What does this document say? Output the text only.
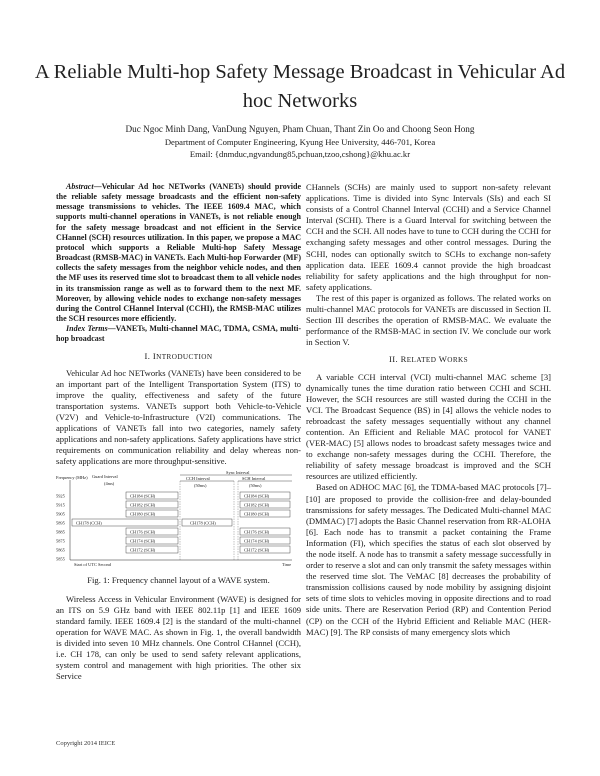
A Reliable Multi-hop Safety Message Broadcast in Vehicular Ad hoc Networks
Duc Ngoc Minh Dang, VanDung Nguyen, Pham Chuan, Thant Zin Oo and Choong Seon Hong
Department of Computer Engineering, Kyung Hee University, 446-701, Korea
Email: {dnmduc,ngvandung85,pchuan,tzoo,cshong}@khu.ac.kr

Abstract—Vehicular Ad hoc NETworks (VANETs) should provide the reliable safety message broadcasts and the efficient non-safety message transmissions to vehicles. The IEEE 1609.4 MAC, which supports multi-channel operations in VANETs, is not reliable enough for the safety message broadcast and not efficient in the Service CHannel (SCH) resources utilization. In this paper, we propose a MAC protocol which supports a Reliable Multi-hop Safety Message Broadcast (RMSB-MAC) in VANETs. Each Multi-hop Forwarder (MF) collects the safety messages from the neighbor vehicle nodes, and then the MF uses its reserved time slot to broadcast them to all vehicle nodes in its transmission range as well as to forward them to the next MF. Moreover, by allowing vehicle nodes to exchange non-safety messages during the Control CHannel Interval (CCHI), the RMSB-MAC utilizes the SCH resources more efficiently.

Index Terms—VANETs, Multi-channel MAC, TDMA, CSMA, multi-hop broadcast

I. INTRODUCTION

Vehicular Ad hoc NETworks (VANETs) have been considered to be an important part of the Intelligent Transportation System (ITS) to improve the quality, effectiveness and safety of the future transportation systems. VANETs support both Vehicle-to-Vehicle (V2V) and Vehicle-to-Infrastructure (V2I) communications. The applications of VANETs fall into two categories, namely safety applications and non-safety applications. Safety applications have strict requirements on communication reliability and delay whereas non-safety applications are more throughput-sensitive.

Frequency (MHz)
5925
5915
5905
5895
5885
5875
5865
5855
Sync Interval
Guard Interval
(4ms)
CCH Interval
(50ms)
SCH Interval
(50ms)
CH184 (SCH)
CH182 (SCH)
CH180 (SCH)
CH178 (CCH)
CH176 (SCH)
CH174 (SCH)
CH172 (SCH)
CH178 (CCH)
CH184 (SCH)
CH182 (SCH)
CH180 (SCH)
CH176 (SCH)
CH174 (SCH)
CH172 (SCH)
Start of UTC Second	Time
Fig. 1: Frequency channel layout of a WAVE system.

Wireless Access in Vehicular Environment (WAVE) is designed for an ITS on 5.9 GHz band with IEEE 802.11p [1] and IEEE 1609 standard family. IEEE 1609.4 [2] is the standard of the multi-channel operation for WAVE MAC. As shown in Fig. 1, the overall bandwidth is divided into seven 10 MHz channels. One Control CHannel (CCH), i.e. CH 178, can only be used to send safety relevant applications, system control and management with high priorities. The other six Service

CHannels (SCHs) are mainly used to support non-safety relevant applications. Time is divided into Sync Intervals (SIs) and each SI consists of a Control Channel Interval (CCHI) and a Service Channel Interval (SCHI). There is a Guard Interval for switching between the CCH and the SCH. All nodes have to tune to CCH during the CCHI for exchanging safety messages and other control messages. During the SCHI, nodes can optionally switch to SCHs to exchange non-safety application data. IEEE 1609.4 cannot provide the high broadcast reliability for safety applications and the high throughput for non-safety applications.

The rest of this paper is organized as follows. The related works on multi-channel MAC protocols for VANETs are discussed in Section II. Section III describes the operation of RMSB-MAC. We evaluate the performance of the RMSB-MAC in section IV. We conclude our work in Section V.

II. RELATED WORKS

A variable CCH interval (VCI) multi-channel MAC scheme [3] dynamically tunes the time duration ratio between CCHI and SCHI. However, the SCH resources are still wasted during the CCHI in the VCI. The Broadcast Sequence (BS) in [4] allows the vehicle nodes to rebroadcast the safety messages sequentially without any channel contention. An Efficient and Reliable MAC protocol for VANET (VER-MAC) [5] allows nodes to broadcast safety messages twice and to exchange non-safety messages during the CCHI. Therefore, the reliability of safety message broadcast is improved and the SCH resources are utilized efficiently.

Based on ADHOC MAC [6], the TDMA-based MAC protocols [7]–[10] are proposed to provide the collision-free and delay-bounded transmissions for safety messages. The Dedicated Multi-channel MAC (DMMAC) [7] adopts the Basic Channel reservation from RR-ALOHA [6]. Each node has to transmit a packet containing the Frame Information (FI), which specifies the status of each slot observed by the node itself. A node has to transmit a safety message successfully in order to reserve a slot and can only transmit the safety messages within the reserved time slot. The VeMAC [8] decreases the probability of transmission collisions caused by node mobility by assigning disjoint sets of time slots to vehicles moving in opposite directions and to road side units. There are Reservation Period (RP) and Contention Period (CP) on the CCH of the Hybrid Efficient and Reliable MAC (HER-MAC) [9]. The RP consists of many emergency slots which

Copyright 2014 IEICE
